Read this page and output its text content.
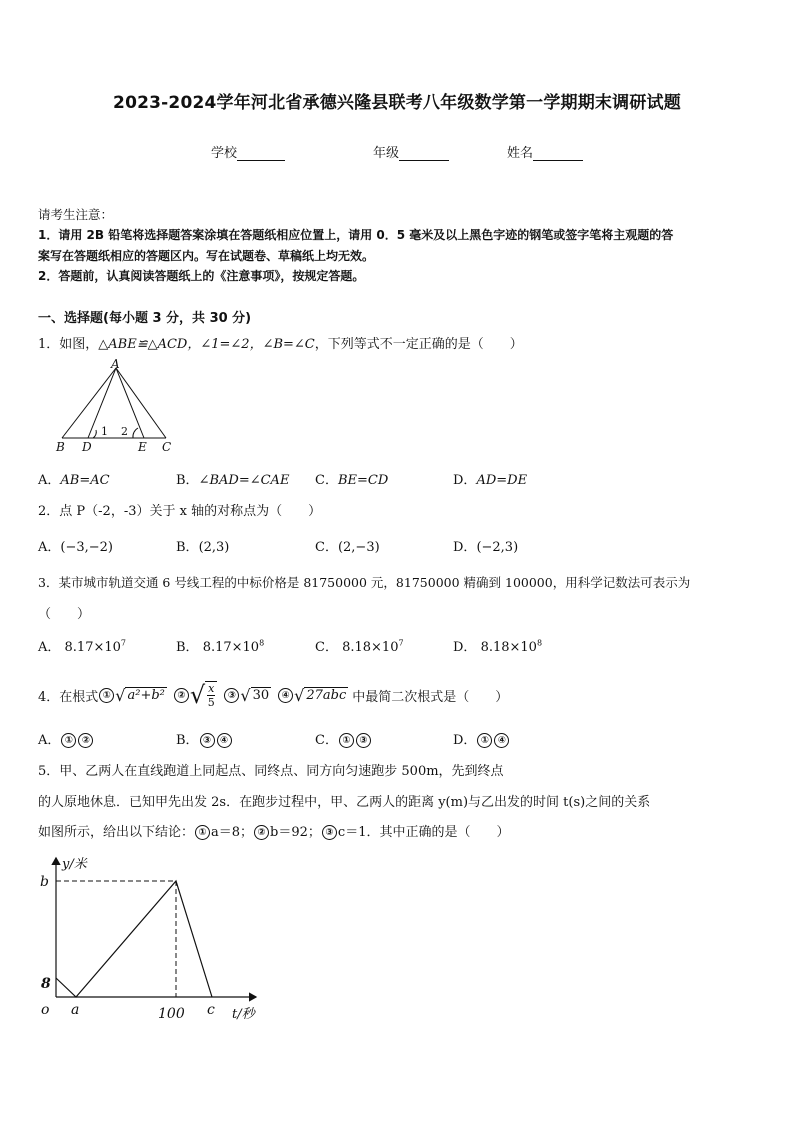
2023-2024学年河北省承德兴隆县联考八年级数学第一学期期末调研试题
学校	年级	姓名
请考生注意：
1．请用 2B 铅笔将选择题答案涂填在答题纸相应位置上，请用 0．5 毫米及以上黑色字迹的钢笔或签字笔将主观题的答
案写在答题纸相应的答题区内。写在试题卷、草稿纸上均无效。
2．答题前，认真阅读答题纸上的《注意事项》，按规定答题。
一、选择题(每小题 3 分，共 30 分)
1．如图，△ABE≌△ACD，∠1=∠2，∠B=∠C，下列等式不一定正确的是（　　）
A
B D	E C
1 2
A．AB=AC	B．∠BAD=∠CAE C．BE=CD	D．AD=DE
2．点 P（-2，-3）关于 x 轴的对称点为（　　）
A．(−3,−2)	B．(2,3)	C．(2,−3)	D．(−2,3)
3．某市城市轨道交通 6 号线工程的中标价格是 81750000 元，81750000 精确到 100000，用科学记数法可表示为
（　　）
A． $8.17\times 10^7$	B． $8.17\times 10^8$	C． $8.18\times 10^7$	D． $8.18\times 10^8$
4．在根式 ① √ a²+b²	② √ $\frac{x}{5}$	③ √ 30	④ √ 27abc 中最简二次根式是（　　）
A． ① ②	B． ③ ④	C． ① ③	D． ① ④
5．甲、乙两人在直线跑道上同起点、同终点、同方向匀速跑步 500m，先到终点
的人原地休息．已知甲先出发 2s．在跑步过程中，甲、乙两人的距离 y(m)与乙出发的时间 t(s)之间的关系
如图所示，给出以下结论： ① a＝8； ② b＝92； ③ c＝1．其中正确的是（　　）
y/米
t/秒
o
b
8
a	100 c
